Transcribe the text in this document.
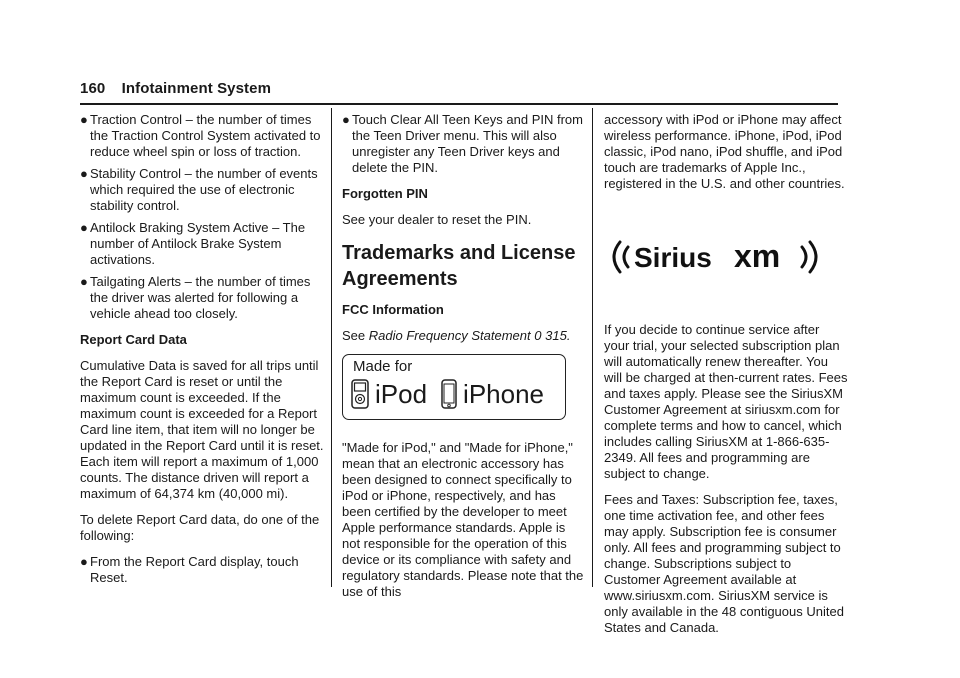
160 Infotainment System
● Traction Control – the number of times the Traction Control System activated to reduce wheel spin or loss of traction.
● Stability Control – the number of events which required the use of electronic stability control.
● Antilock Braking System Active – The number of Antilock Brake System activations.
● Tailgating Alerts – the number of times the driver was alerted for following a vehicle ahead too closely.
Report Card Data
Cumulative Data is saved for all trips until the Report Card is reset or until the maximum count is exceeded. If the maximum count is exceeded for a Report Card line item, that item will no longer be updated in the Report Card until it is reset. Each item will report a maximum of 1,000 counts. The distance driven will report a maximum of 64,374 km (40,000 mi).
To delete Report Card data, do one of the following:
● From the Report Card display, touch Reset.
● Touch Clear All Teen Keys and PIN from the Teen Driver menu. This will also unregister any Teen Driver keys and delete the PIN.
Forgotten PIN
See your dealer to reset the PIN.
Trademarks and License Agreements
FCC Information
See Radio Frequency Statement 0 315.
Made for
iPod iPhone
"Made for iPod," and "Made for iPhone," mean that an electronic accessory has been designed to connect specifically to iPod or iPhone, respectively, and has been certified by the developer to meet Apple performance standards. Apple is not responsible for the operation of this device or its compliance with safety and regulatory standards. Please note that the use of this
accessory with iPod or iPhone may affect wireless performance. iPhone, iPod, iPod classic, iPod nano, iPod shuffle, and iPod touch are trademarks of Apple Inc., registered in the U.S. and other countries.
Sirius xm
If you decide to continue service after your trial, your selected subscription plan will automatically renew thereafter. You will be charged at then-current rates. Fees and taxes apply. Please see the SiriusXM Customer Agreement at siriusxm.com for complete terms and how to cancel, which includes calling SiriusXM at 1-866-635-2349. All fees and programming are subject to change.
Fees and Taxes: Subscription fee, taxes, one time activation fee, and other fees may apply. Subscription fee is consumer only. All fees and programming subject to change. Subscriptions subject to Customer Agreement available at www.siriusxm.com. SiriusXM service is only available in the 48 contiguous United States and Canada.
